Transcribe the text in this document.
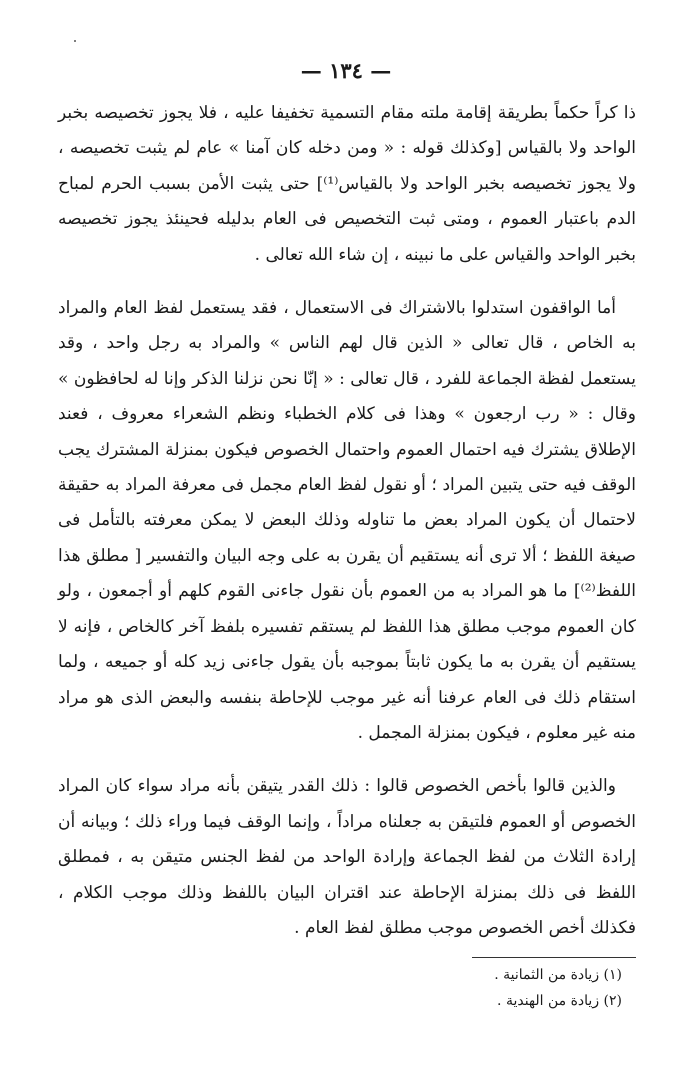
— ١٣٤ —

ذا كراً حكماً بطريقة إقامة ملته مقام التسمية تخفيفا عليه ، فلا يجوز تخصيصه بخبر الواحد ولا بالقياس [وكذلك قوله : « ومن دخله كان آمنا » عام لم يثبت تخصيصه ، ولا يجوز تخصيصه بخبر الواحد ولا بالقياس⁽¹⁾] حتى يثبت الأمن بسبب الحرم لمباح الدم باعتبار العموم ، ومتى ثبت التخصيص فى العام بدليله فحينئذ يجوز تخصيصه بخبر الواحد والقياس على ما نبينه ، إن شاء الله تعالى .

أما الواقفون استدلوا بالاشتراك فى الاستعمال ، فقد يستعمل لفظ العام والمراد به الخاص ، قال تعالى « الذين قال لهم الناس » والمراد به رجل واحد ، وقد يستعمل لفظة الجماعة للفرد ، قال تعالى : « إنّا نحن نزلنا الذكر وإنا له لحافظون » وقال : « رب ارجعون » وهذا فى كلام الخطباء ونظم الشعراء معروف ، فعند الإطلاق يشترك فيه احتمال العموم واحتمال الخصوص فيكون بمنزلة المشترك يجب الوقف فيه حتى يتبين المراد ؛ أو نقول لفظ العام مجمل فى معرفة المراد به حقيقة لاحتمال أن يكون المراد بعض ما تناوله وذلك البعض لا يمكن معرفته بالتأمل فى صيغة اللفظ ؛ ألا ترى أنه يستقيم أن يقرن به على وجه البيان والتفسير [ مطلق هذا اللفظ⁽²⁾] ما هو المراد به من العموم بأن نقول جاءنى القوم كلهم أو أجمعون ، ولو كان العموم موجب مطلق هذا اللفظ لم يستقم تفسيره بلفظ آخر كالخاص ، فإنه لا يستقيم أن يقرن به ما يكون ثابتاً بموجبه بأن يقول جاءنى زيد كله أو جميعه ، ولما استقام ذلك فى العام عرفنا أنه غير موجب للإحاطة بنفسه والبعض الذى هو مراد منه غير معلوم ، فيكون بمنزلة المجمل .

والذين قالوا بأخص الخصوص قالوا : ذلك القدر يتيقن بأنه مراد سواء كان المراد الخصوص أو العموم فلتيقن به جعلناه مراداً ، وإنما الوقف فيما وراء ذلك ؛ وبيانه أن إرادة الثلاث من لفظ الجماعة وإرادة الواحد من لفظ الجنس متيقن به ، فمطلق اللفظ فى ذلك بمنزلة الإحاطة عند اقتران البيان باللفظ وذلك موجب الكلام ، فكذلك أخص الخصوص موجب مطلق لفظ العام .

(١) زيادة من الثمانية .

(٢) زيادة من الهندية .
